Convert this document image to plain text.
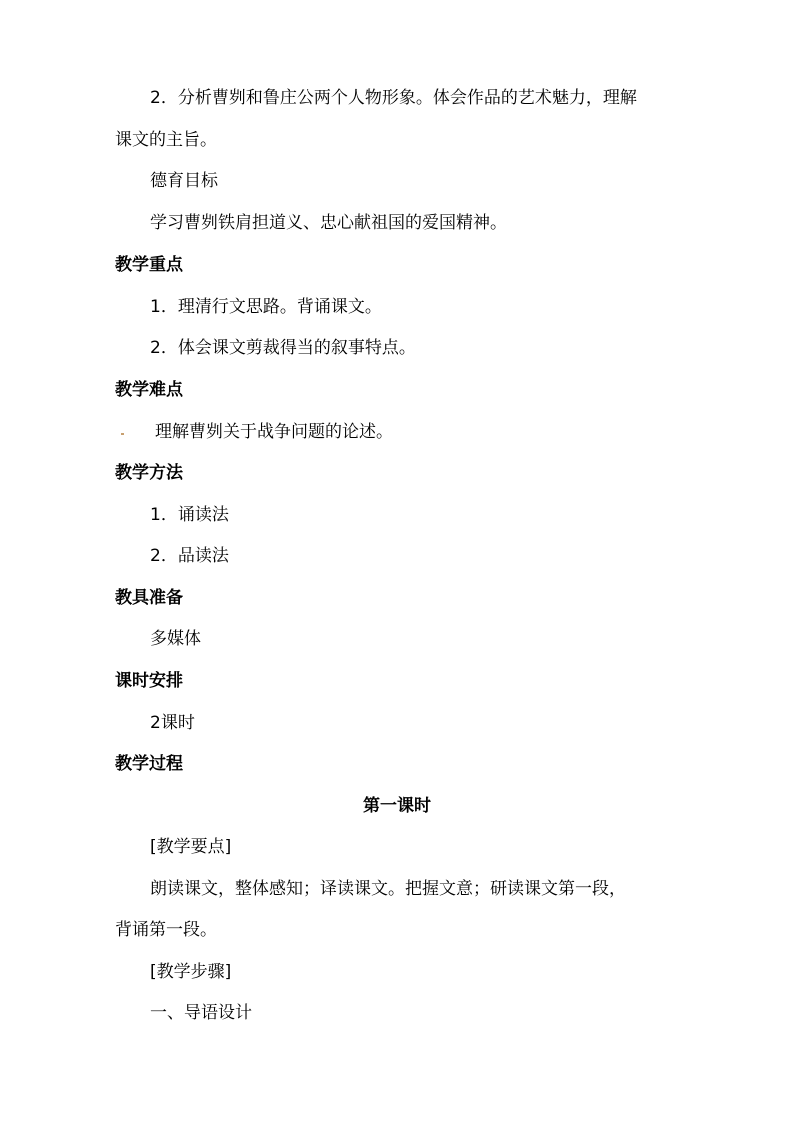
2．分析曹刿和鲁庄公两个人物形象。体会作品的艺术魅力，理解
课文的主旨。
德育目标
学习曹刿铁肩担道义、忠心献祖国的爱国精神。
教学重点
1．理清行文思路。背诵课文。
2．体会课文剪裁得当的叙事特点。
教学难点
理解曹刿关于战争问题的论述。
教学方法
1．诵读法
2．品读法
教具准备
多媒体
课时安排
2课时
教学过程
第一课时
[教学要点]
朗读课文，整体感知；译读课文。把握文意；研读课文第一段，
背诵第一段。
[教学步骤]
一、导语设计
